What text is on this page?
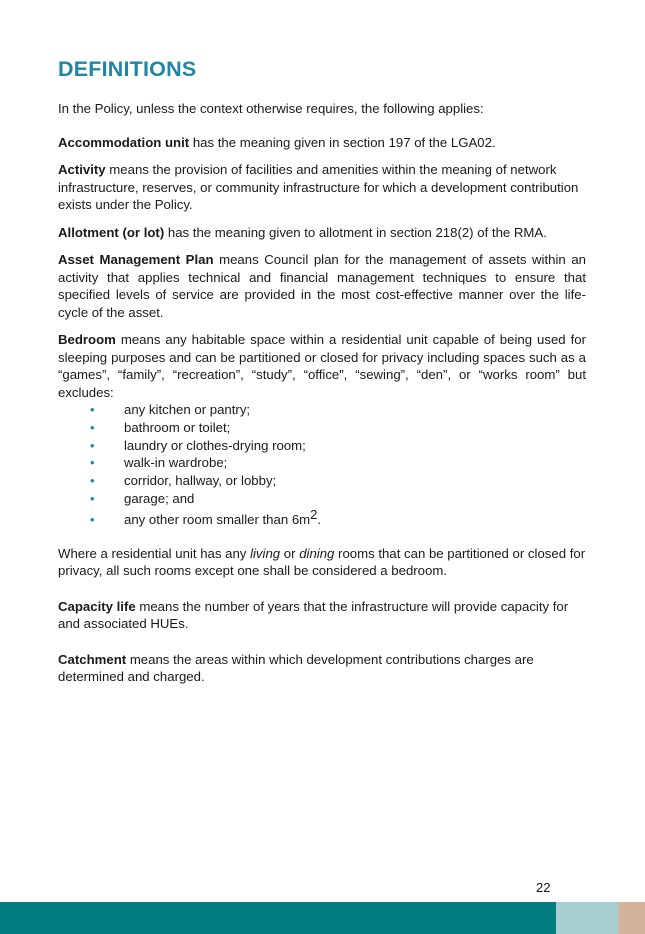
DEFINITIONS

In the Policy, unless the context otherwise requires, the following applies:

Accommodation unit has the meaning given in section 197 of the LGA02.

Activity means the provision of facilities and amenities within the meaning of network infrastructure, reserves, or community infrastructure for which a development contribution exists under the Policy.

Allotment (or lot) has the meaning given to allotment in section 218(2) of the RMA.

Asset Management Plan means Council plan for the management of assets within an activity that applies technical and financial management techniques to ensure that specified levels of service are provided in the most cost-effective manner over the life-cycle of the asset.

Bedroom means any habitable space within a residential unit capable of being used for sleeping purposes and can be partitioned or closed for privacy including spaces such as a “games”, “family”, “recreation”, “study”, “office”, “sewing”, “den”, or “works room” but excludes:

• any kitchen or pantry;
• bathroom or toilet;
• laundry or clothes-drying room;
• walk-in wardrobe;
• corridor, hallway, or lobby;
• garage; and
• any other room smaller than $6m^2$.

Where a residential unit has any living or dining rooms that can be partitioned or closed for privacy, all such rooms except one shall be considered a bedroom.

Capacity life means the number of years that the infrastructure will provide capacity for and associated HUEs.

Catchment means the areas within which development contributions charges are determined and charged.

22
